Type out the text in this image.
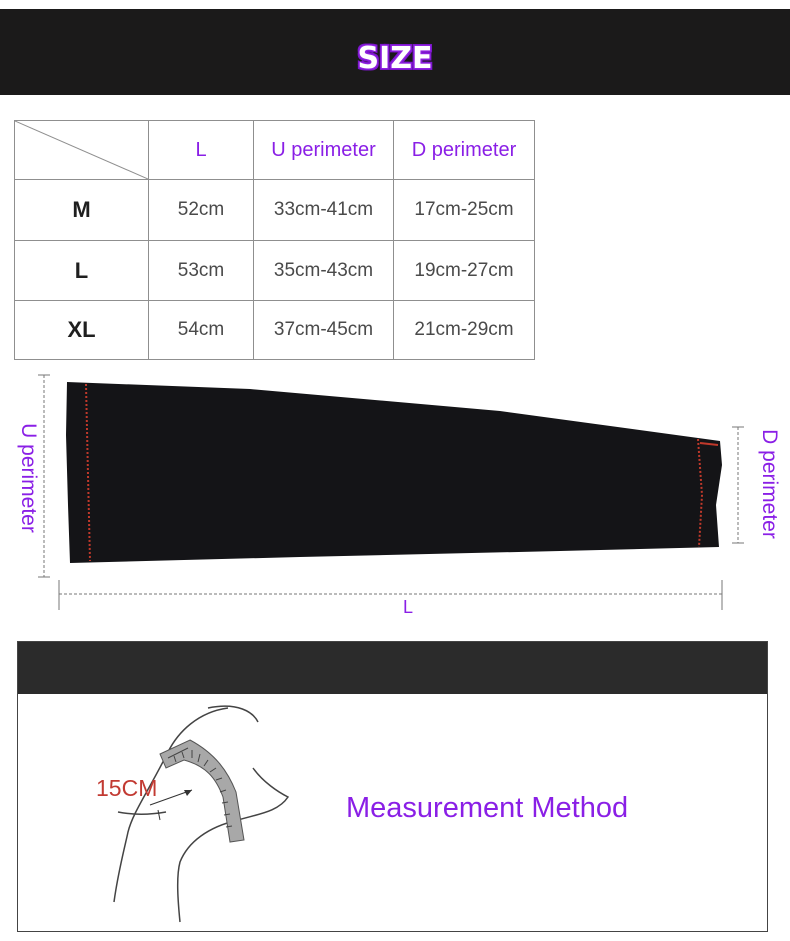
SIZE
	L	U perimeter	D perimeter
M	52cm	33cm-41cm	17cm-25cm
L	53cm	35cm-43cm	19cm-27cm
XL	54cm	37cm-45cm	21cm-29cm
U perimeter	D perimeter
L
15CM
Measurement Method
